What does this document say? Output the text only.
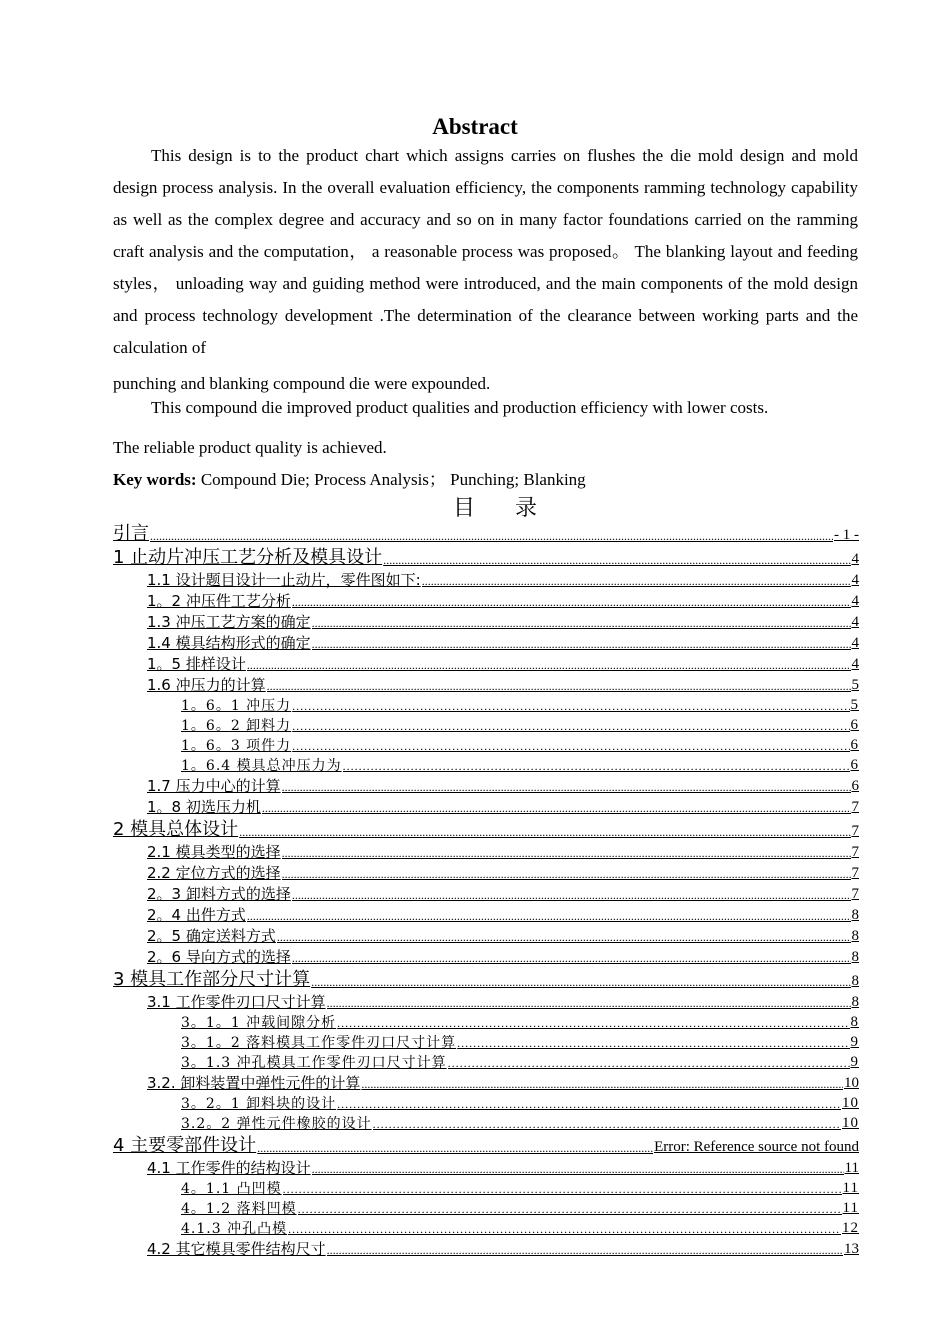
Abstract

This design is to the product chart which assigns carries on flushes the die mold design and mold design process analysis. In the overall evaluation efficiency, the components ramming technology capability as well as the complex degree and accuracy and so on in many factor foundations carried on the ramming craft analysis and the computation， a reasonable process was proposed。 The blanking layout and feeding styles， unloading way and guiding method were introduced, and the main components of the mold design and process technology development .The determination of the clearance between working parts and the calculation of

punching and blanking compound die were expounded.

This compound die improved product qualities and production efficiency with lower costs.

The reliable product quality is achieved.

Key words: Compound Die; Process Analysis； Punching; Blanking

目录
引言 .....	- 1 -
1 止动片冲压工艺分析及模具设计 .....	4
1.1 设计题目设计一止动片，零件图如下: .....	4
1。2 冲压件工艺分析 .....	4
1.3 冲压工艺方案的确定 .....	4
1.4 模具结构形式的确定 .....	4
1。5 排样设计 .....	4
1.6 冲压力的计算 .....	5
1。6。1 冲压力 .....	5
1。6。2 卸料力 .....	6
1。6。3 项件力 .....	6
1。6.4 模具总冲压力为 .....	6
1.7 压力中心的计算 .....	6
1。8 初选压力机 .....	7
2 模具总体设计 .....	7
2.1 模具类型的选择 .....	7
2.2 定位方式的选择 .....	7
2。3 卸料方式的选择 .....	7
2。4 出件方式 .....	8
2。5 确定送料方式 .....	8
2。6 导向方式的选择 .....	8
3 模具工作部分尺寸计算 .....	8
3.1 工作零件刃口尺寸计算 .....	8
3。1。1 冲载间隙分析 .....	8
3。1。2 落料模具工作零件刃口尺寸计算 .....	9
3。1.3 冲孔模具工作零件刃口尺寸计算 .....	9
3.2. 卸料装置中弹性元件的计算 .....	10
3。2。1 卸料块的设计 .....	10
3.2。2 弹性元件橡胶的设计 .....	10
4 主要零部件设计 .....	Error: Reference source not found
4.1 工作零件的结构设计 .....	11
4。1.1 凸凹模 .....	11
4。1.2 落料凹模 .....	11
4.1.3 冲孔凸模 .....	12
4.2 其它模具零件结构尺寸 .....	13
